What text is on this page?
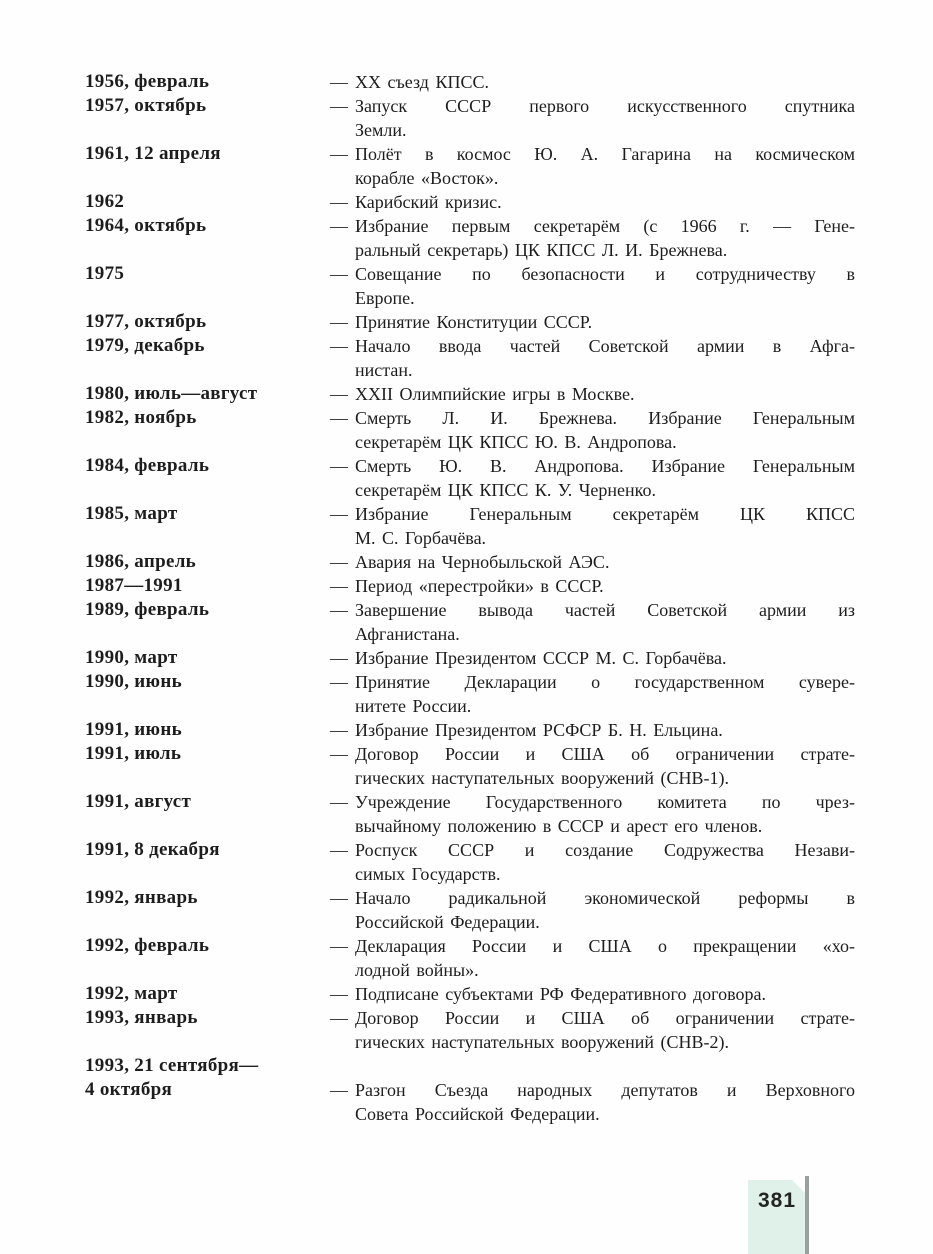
1956, февраль	— XX съезд КПСС.
1957, октябрь	— Запуск СССР первого искусственного спутника
Земли.
1961, 12 апреля	— Полёт в космос Ю. А. Гагарина на космическом
корабле «Восток».
1962	— Карибский кризис.
1964, октябрь	— Избрание первым секретарём (с 1966 г. — Гене-
ральный секретарь) ЦК КПСС Л. И. Брежнева.
1975	— Совещание по безопасности и сотрудничеству в
Европе.
1977, октябрь	— Принятие Конституции СССР.
1979, декабрь	— Начало ввода частей Советской армии в Афга-
нистан.
1980, июль—август	— XXII Олимпийские игры в Москве.
1982, ноябрь	— Смерть Л. И. Брежнева. Избрание Генеральным
секретарём ЦК КПСС Ю. В. Андропова.
1984, февраль	— Смерть Ю. В. Андропова. Избрание Генеральным
секретарём ЦК КПСС К. У. Черненко.
1985, март	— Избрание Генеральным секретарём ЦК КПСС
М. С. Горбачёва.
1986, апрель	— Авария на Чернобыльской АЭС.
1987—1991	— Период «перестройки» в СССР.
1989, февраль	— Завершение вывода частей Советской армии из
Афганистана.
1990, март	— Избрание Президентом СССР М. С. Горбачёва.
1990, июнь	— Принятие Декларации о государственном сувере-
нитете России.
1991, июнь	— Избрание Президентом РСФСР Б. Н. Ельцина.
1991, июль	— Договор России и США об ограничении страте-
гических наступательных вооружений (СНВ-1).
1991, август	— Учреждение Государственного комитета по чрез-
вычайному положению в СССР и арест его членов.
1991, 8 декабря	— Роспуск СССР и создание Содружества Незави-
симых Государств.
1992, январь	— Начало радикальной экономической реформы в
Российской Федерации.
1992, февраль	— Декларация России и США о прекращении «хо-
лодной войны».
1992, март	— Подписане субъектами РФ Федеративного договора.
1993, январь	— Договор России и США об ограничении страте-
гических наступательных вооружений (СНВ-2).
1993, 21 сентября—
4 октября	— Разгон Съезда народных депутатов и Верховного
Совета Российской Федерации.
381
